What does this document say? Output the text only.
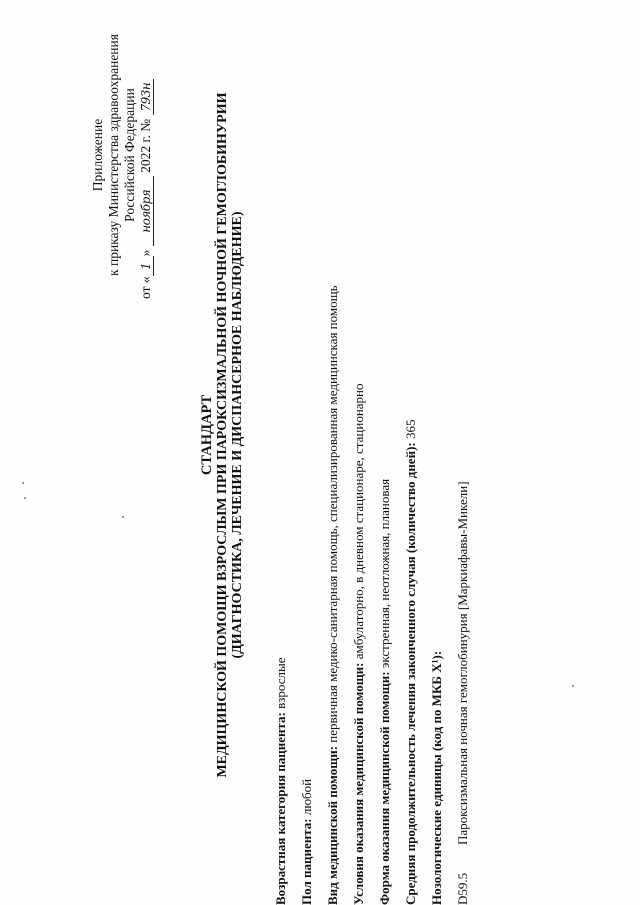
Приложение к приказу Министерства здравоохранения Российской Федерации
от «1» ноября 2022 г. № 793н
СТАНДАРТ МЕДИЦИНСКОЙ ПОМОЩИ ВЗРОСЛЫМ ПРИ ПАРОКСИЗМАЛЬНОЙ НОЧНОЙ ГЕМОГЛОБИНУРИИ (ДИАГНОСТИКА, ЛЕЧЕНИЕ И ДИСПАНСЕРНОЕ НАБЛЮДЕНИЕ)
Возрастная категория пациента: взрослые
Пол пациента: любой Вид медицинской помощи: первичная медико-санитарная помощь, специализированная медицинская помощь
Условия оказания медицинской помощи: амбулаторно, в дневном стационаре, стационарно
Форма оказания медицинской помощи: экстренная, неотложная, плановая Средняя продолжительность лечения законченного случая (количество дней): 365
Нозологические единицы (код по МКБ X¹): D59.5Пароксизмальная ночная гемоглобинурия [Маркиафавы-Микели]
